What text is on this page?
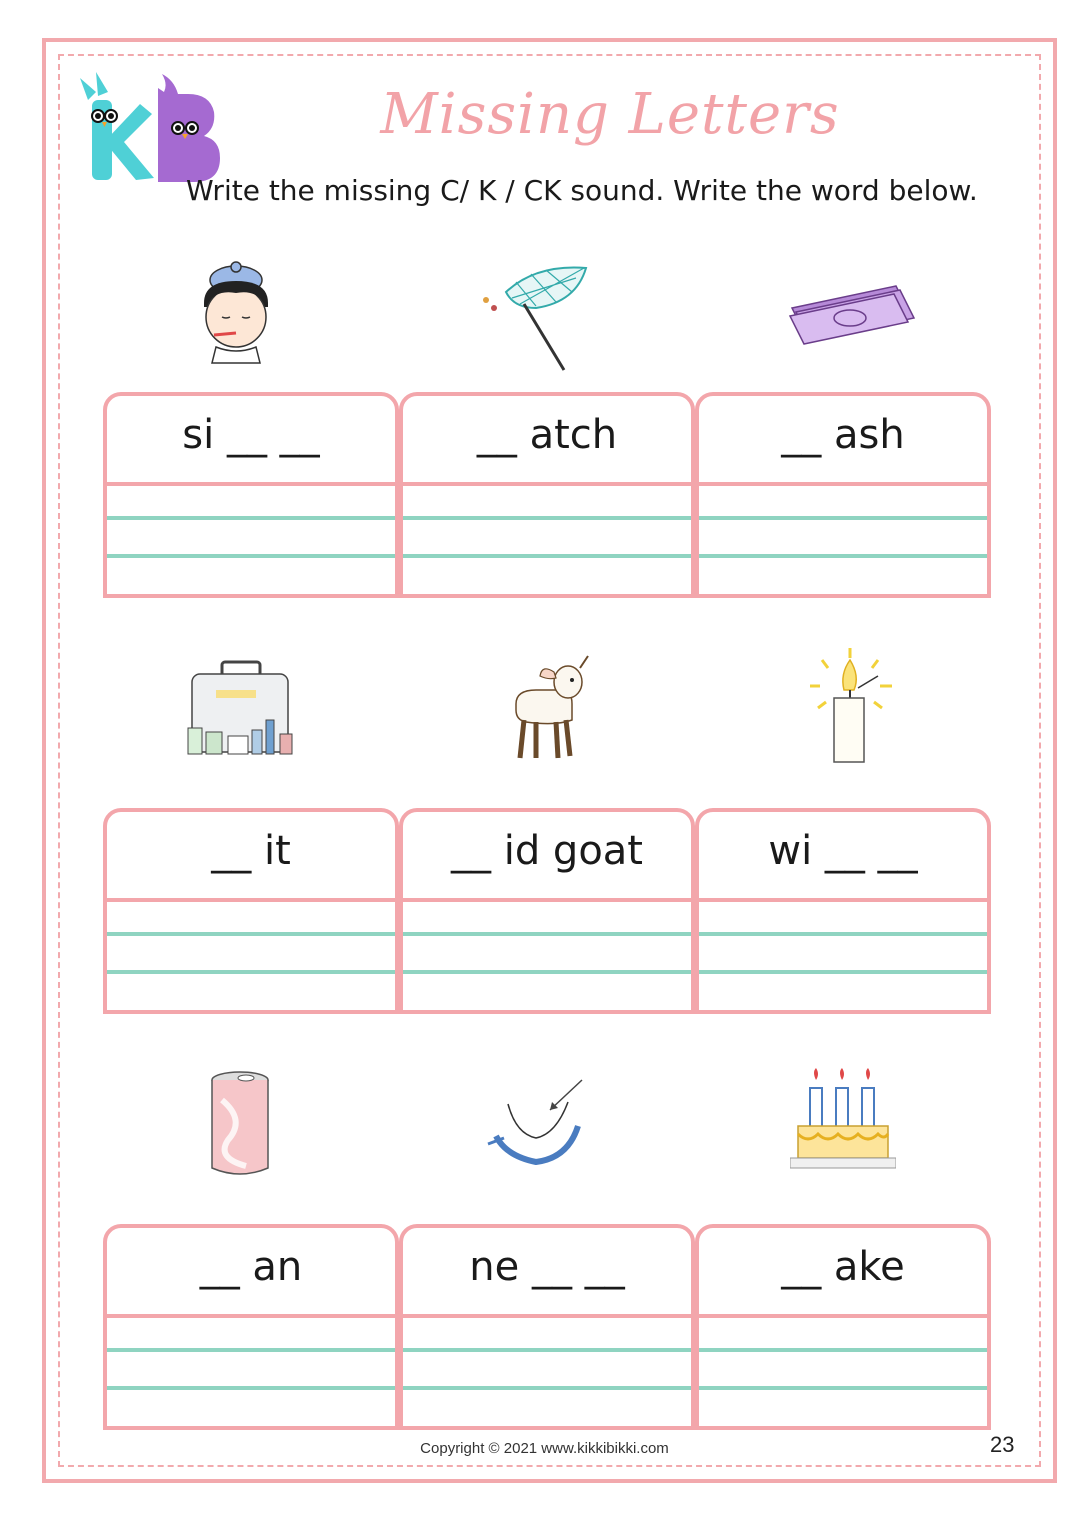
Missing Letters
Write the missing C/ K / CK sound. Write the word below.
si __ __	__ atch	__ ash
__ it	__ id goat	wi __ __
__ an	ne __ __	__ ake
Copyright © 2021 www.kikkibikki.com	23
